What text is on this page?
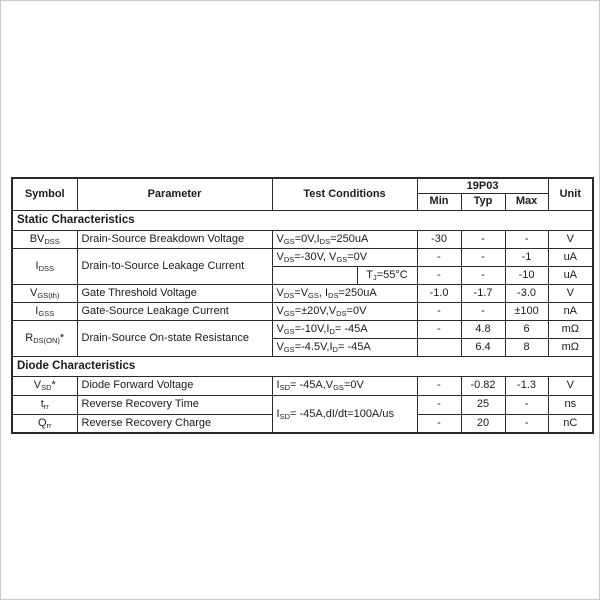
Symbol	Parameter	Test Conditions		19P03			Unit
				Min	Typ	Max	
Static Characteristics							
$BV_{DSS}$	Drain-Source Breakdown Voltage	$V_{GS}=0V,I_{DS}=250uA$		-30	-	-	V
$I_{DSS}$	Drain-to-Source Leakage Current	$V_{DS}=-30V$, $V_{GS}=0V$		-	-	-1	uA
			$T_J=55^\circ C$	-	-	-10	uA
$V_{GS(th)}$	Gate Threshold Voltage	$V_{DS}=V_{GS}$, $I_{DS}=250uA$		-1.0	-1.7	-3.0	V
$I_{GSS}$	Gate-Source Leakage Current	$V_{GS}=\pm 20V,V_{DS}=0V$		-	-	±100	nA
$R_{DS(ON)}*$	Drain-Source On-state Resistance	$V_{GS}=-10V,I_D= -45A$		-	4.8	6	mΩ
		$V_{GS}=-4.5V,I_D= -45A$			6.4	8	mΩ
Diode Characteristics							
$V_{SD}*$	Diode Forward Voltage	$I_{SD}= -45A,V_{GS}=0V$		-	-0.82	-1.3	V
$t_{rr}$	Reverse Recovery Time	$I_{SD}= -45A,dI/dt=100A/us$		-	25	-	ns
$Q_{rr}$	Reverse Recovery Charge			-	20	-	nC
